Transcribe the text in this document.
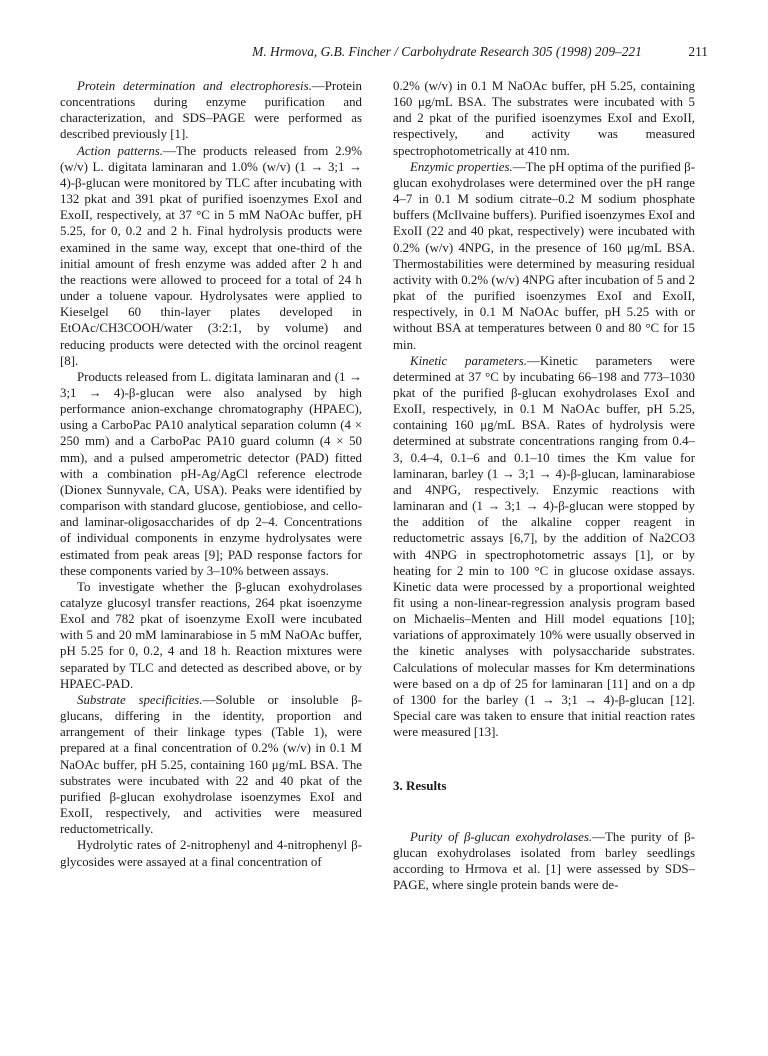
M. Hrmova, G.B. Fincher / Carbohydrate Research 305 (1998) 209–221	211

Protein determination and electrophoresis.—Protein concentrations during enzyme purification and characterization, and SDS–PAGE were performed as described previously [1].

Action patterns.—The products released from 2.9% (w/v) L. digitata laminaran and 1.0% (w/v) (1 → 3;1 → 4)-β-glucan were monitored by TLC after incubating with 132 pkat and 391 pkat of purified isoenzymes ExoI and ExoII, respectively, at 37 °C in 5 mM NaOAc buffer, pH 5.25, for 0, 0.2 and 2 h. Final hydrolysis products were examined in the same way, except that one-third of the initial amount of fresh enzyme was added after 2 h and the reactions were allowed to proceed for a total of 24 h under a toluene vapour. Hydrolysates were applied to Kieselgel 60 thin-layer plates developed in EtOAc/CH3COOH/water (3:2:1, by volume) and reducing products were detected with the orcinol reagent [8].

Products released from L. digitata laminaran and (1 → 3;1 → 4)-β-glucan were also analysed by high performance anion-exchange chromatography (HPAEC), using a CarboPac PA10 analytical separation column (4 × 250 mm) and a CarboPac PA10 guard column (4 × 50 mm), and a pulsed amperometric detector (PAD) fitted with a combination pH-Ag/AgCl reference electrode (Dionex Sunnyvale, CA, USA). Peaks were identified by comparison with standard glucose, gentiobiose, and cello- and laminar-oligosaccharides of dp 2–4. Concentrations of individual components in enzyme hydrolysates were estimated from peak areas [9]; PAD response factors for these components varied by 3–10% between assays.

To investigate whether the β-glucan exohydrolases catalyze glucosyl transfer reactions, 264 pkat isoenzyme ExoI and 782 pkat of isoenzyme ExoII were incubated with 5 and 20 mM laminarabiose in 5 mM NaOAc buffer, pH 5.25 for 0, 0.2, 4 and 18 h. Reaction mixtures were separated by TLC and detected as described above, or by HPAEC-PAD.

Substrate specificities.—Soluble or insoluble β-glucans, differing in the identity, proportion and arrangement of their linkage types (Table 1), were prepared at a final concentration of 0.2% (w/v) in 0.1 M NaOAc buffer, pH 5.25, containing 160 μg/mL BSA. The substrates were incubated with 22 and 40 pkat of the purified β-glucan exohydrolase isoenzymes ExoI and ExoII, respectively, and activities were measured reductometrically.

Hydrolytic rates of 2-nitrophenyl and 4-nitrophenyl β-glycosides were assayed at a final concentration of

0.2% (w/v) in 0.1 M NaOAc buffer, pH 5.25, containing 160 μg/mL BSA. The substrates were incubated with 5 and 2 pkat of the purified isoenzymes ExoI and ExoII, respectively, and activity was measured spectrophotometrically at 410 nm.

Enzymic properties.—The pH optima of the purified β-glucan exohydrolases were determined over the pH range 4–7 in 0.1 M sodium citrate–0.2 M sodium phosphate buffers (McIlvaine buffers). Purified isoenzymes ExoI and ExoII (22 and 40 pkat, respectively) were incubated with 0.2% (w/v) 4NPG, in the presence of 160 μg/mL BSA. Thermostabilities were determined by measuring residual activity with 0.2% (w/v) 4NPG after incubation of 5 and 2 pkat of the purified isoenzymes ExoI and ExoII, respectively, in 0.1 M NaOAc buffer, pH 5.25 with or without BSA at temperatures between 0 and 80 °C for 15 min.

Kinetic parameters.—Kinetic parameters were determined at 37 °C by incubating 66–198 and 773–1030 pkat of the purified β-glucan exohydrolases ExoI and ExoII, respectively, in 0.1 M NaOAc buffer, pH 5.25, containing 160 μg/mL BSA. Rates of hydrolysis were determined at substrate concentrations ranging from 0.4–3, 0.4–4, 0.1–6 and 0.1–10 times the Km value for laminaran, barley (1 → 3;1 → 4)-β-glucan, laminarabiose and 4NPG, respectively. Enzymic reactions with laminaran and (1 → 3;1 → 4)-β-glucan were stopped by the addition of the alkaline copper reagent in reductometric assays [6,7], by the addition of Na2CO3 with 4NPG in spectrophotometric assays [1], or by heating for 2 min to 100 °C in glucose oxidase assays. Kinetic data were processed by a proportional weighted fit using a non-linear-regression analysis program based on Michaelis–Menten and Hill model equations [10]; variations of approximately 10% were usually observed in the kinetic analyses with polysaccharide substrates. Calculations of molecular masses for Km determinations were based on a dp of 25 for laminaran [11] and on a dp of 1300 for the barley (1 → 3;1 → 4)-β-glucan [12]. Special care was taken to ensure that initial reaction rates were measured [13].

3. Results

Purity of β-glucan exohydrolases.—The purity of β-glucan exohydrolases isolated from barley seedlings according to Hrmova et al. [1] were assessed by SDS–PAGE, where single protein bands were de-
